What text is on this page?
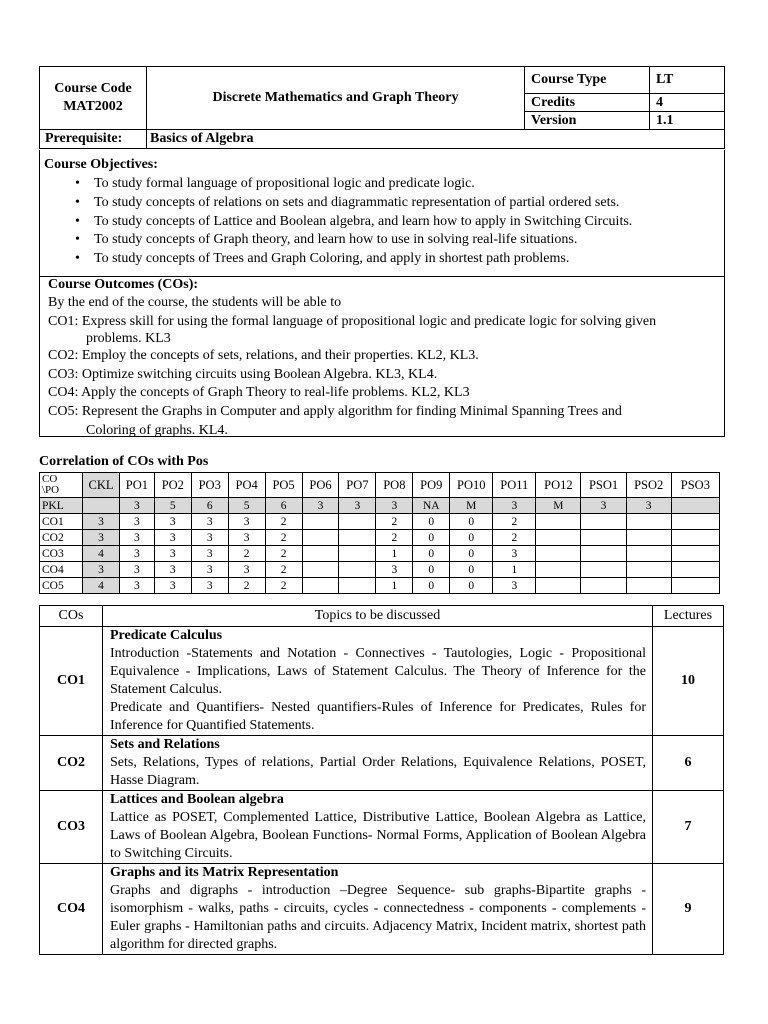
Course Code
MAT2002	Discrete Mathematics and Graph Theory	Course Type	LT
		Credits	4
		Version	1.1
Prerequisite:	Basics of Algebra		
Course Objectives:
• To study formal language of propositional logic and predicate logic.
• To study concepts of relations on sets and diagrammatic representation of partial ordered sets.
• To study concepts of Lattice and Boolean algebra, and learn how to apply in Switching Circuits.
• To study concepts of Graph theory, and learn how to use in solving real-life situations.
• To study concepts of Trees and Graph Coloring, and apply in shortest path problems.
Course Outcomes (COs):
By the end of the course, the students will be able to
CO1: Express skill for using the formal language of propositional logic and predicate logic for solving given
problems. KL3
CO2: Employ the concepts of sets, relations, and their properties. KL2, KL3.
CO3: Optimize switching circuits using Boolean Algebra. KL3, KL4.
CO4: Apply the concepts of Graph Theory to real-life problems. KL2, KL3
CO5: Represent the Graphs in Computer and apply algorithm for finding Minimal Spanning Trees and
Coloring of graphs. KL4.
Correlation of COs with Pos
CO
\PO	CKL	PO1	PO2	PO3	PO4	PO5	PO6	PO7	PO8	PO9	PO10	PO11	PO12	PSO1	PSO2	PSO3
PKL		3	5	6	5	6	3	3	3	NA	M	3	M	3	3	
CO1	3	3	3	3	3	2			2	0	0	2				
CO2	3	3	3	3	3	2			2	0	0	2				
CO3	4	3	3	3	2	2			1	0	0	3				
CO4	3	3	3	3	3	2			3	0	0	1				
CO5	4	3	3	3	2	2			1	0	0	3				
COs	Topics to be discussed	Lectures
CO1	Predicate Calculus
Introduction -Statements and Notation - Connectives - Tautologies, Logic - Propositional Equivalence - Implications, Laws of Statement Calculus. The Theory of Inference for the Statement Calculus.
Predicate and Quantifiers- Nested quantifiers-Rules of Inference for Predicates, Rules for Inference for Quantified Statements.	10
CO2	Sets and Relations
Sets, Relations, Types of relations, Partial Order Relations, Equivalence Relations, POSET, Hasse Diagram.	6
CO3	Lattices and Boolean algebra
Lattice as POSET, Complemented Lattice, Distributive Lattice, Boolean Algebra as Lattice, Laws of Boolean Algebra, Boolean Functions- Normal Forms, Application of Boolean Algebra to Switching Circuits.	7
CO4	Graphs and its Matrix Representation
Graphs and digraphs - introduction –Degree Sequence- sub graphs-Bipartite graphs - isomorphism - walks, paths - circuits, cycles - connectedness - components - complements - Euler graphs - Hamiltonian paths and circuits. Adjacency Matrix, Incident matrix, shortest path algorithm for directed graphs.	9
